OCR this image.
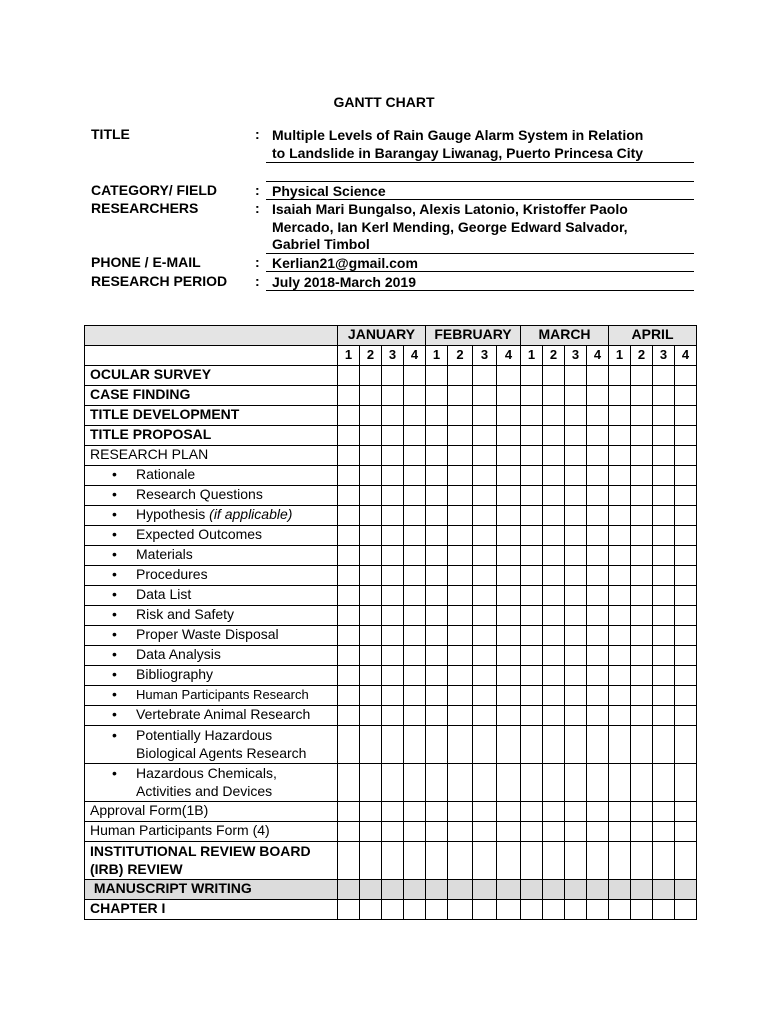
GANTT CHART
TITLE	: Multiple Levels of Rain Gauge Alarm System in Relation
to Landslide in Barangay Liwanag, Puerto Princesa City
CATEGORY/ FIELD	: Physical Science
RESEARCHERS	: Isaiah Mari Bungalso, Alexis Latonio, Kristoffer Paolo
Mercado, Ian Kerl Mending, George Edward Salvador,
Gabriel Timbol
PHONE / E-MAIL	: Kerlian21@gmail.com
RESEARCH PERIOD : July 2018-March 2019
	JANUARY				FEBRUARY				MARCH				APRIL			
	1	2	3	4	1	2	3	4	1	2	3	4	1	2	3	4
OCULAR SURVEY																
CASE FINDING																
TITLE DEVELOPMENT																
TITLE PROPOSAL																
RESEARCH PLAN																

• Rationale																

• Research Questions																

• Hypothesis (if applicable)																

• Expected Outcomes																

• Materials																

• Procedures																

• Data List																

• Risk and Safety																

• Proper Waste Disposal																

• Data Analysis																

• Bibliography																

• Human Participants Research																

• Vertebrate Animal Research																

• Potentially Hazardous
Biological Agents Research																

• Hazardous Chemicals,
Activities and Devices																

Approval Form(1B)																
Human Participants Form (4)																
INSTITUTIONAL REVIEW BOARD
(IRB) REVIEW																
MANUSCRIPT WRITING																
CHAPTER I																
